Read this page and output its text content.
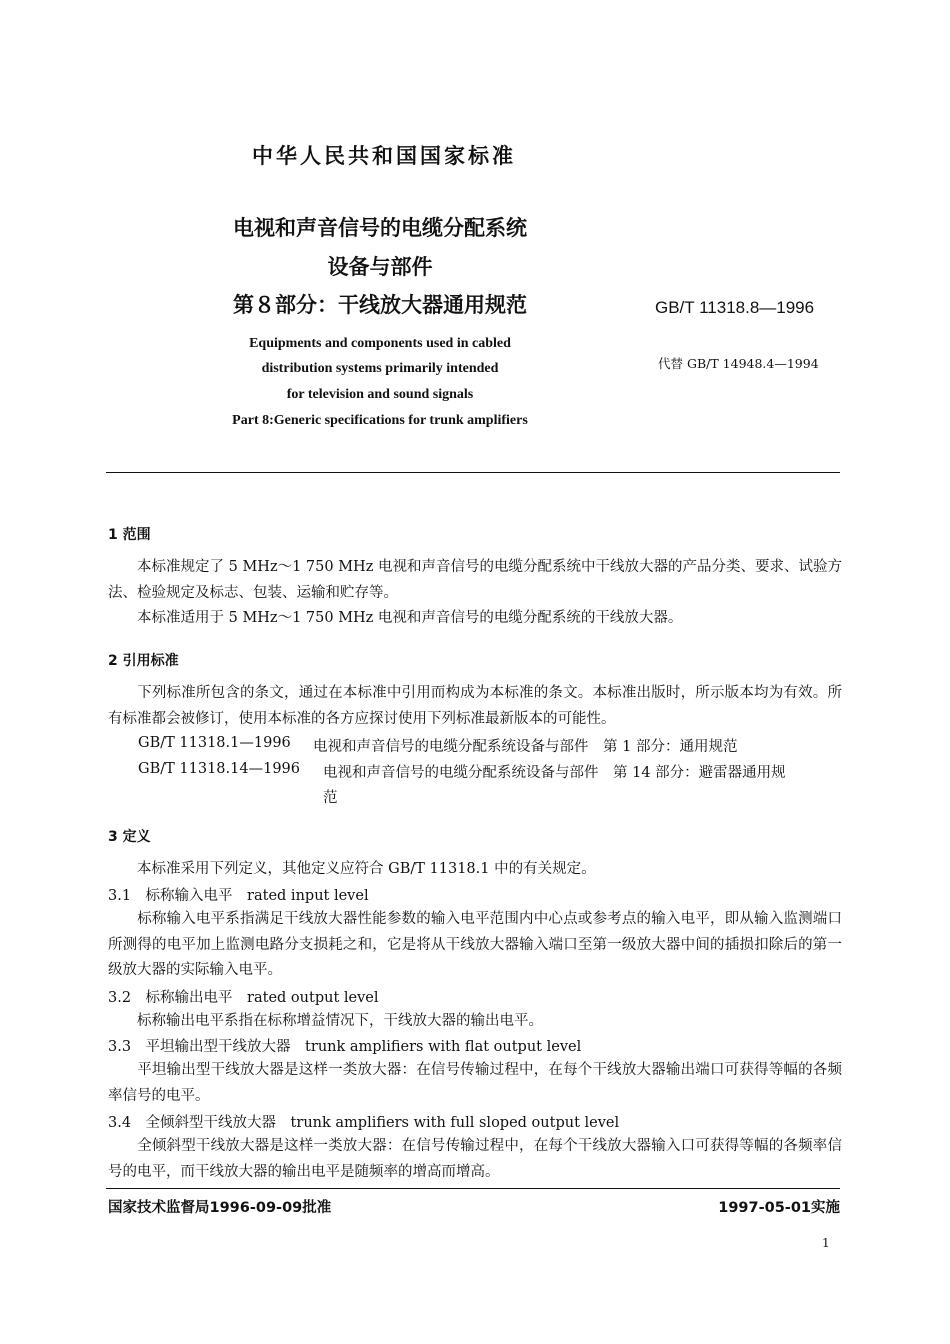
中华人民共和国国家标准
电视和声音信号的电缆分配系统
设备与部件
第８部分：干线放大器通用规范	GB/T 11318.8—1996
代替 GB/T 14948.4—1994
Equipments and components used in cabled
distribution systems primarily intended
for television and sound signals
Part 8:Generic specifications for trunk amplifiers
1 范围
本标准规定了 5 MHz～1 750 MHz 电视和声音信号的电缆分配系统中干线放大器的产品分类、要求、试验方法、检验规定及标志、包装、运输和贮存等。
本标准适用于 5 MHz～1 750 MHz 电视和声音信号的电缆分配系统的干线放大器。
2 引用标准
下列标准所包含的条文，通过在本标准中引用而构成为本标准的条文。本标准出版时，所示版本均为有效。所有标准都会被修订，使用本标准的各方应探讨使用下列标准最新版本的可能性。
GB/T 11318.1—1996 电视和声音信号的电缆分配系统设备与部件　第 1 部分：通用规范
GB/T 11318.14—1996 电视和声音信号的电缆分配系统设备与部件　第 14 部分：避雷器通用规
范
3 定义
本标准采用下列定义，其他定义应符合 GB/T 11318.1 中的有关规定。
3.1　标称输入电平　rated input level
标称输入电平系指满足干线放大器性能参数的输入电平范围内中心点或参考点的输入电平，即从输入监测端口所测得的电平加上监测电路分支损耗之和，它是将从干线放大器输入端口至第一级放大器中间的插损扣除后的第一级放大器的实际输入电平。
3.2　标称输出电平　rated output level
标称输出电平系指在标称增益情况下，干线放大器的输出电平。
3.3　平坦输出型干线放大器　trunk amplifiers with flat output level
平坦输出型干线放大器是这样一类放大器：在信号传输过程中，在每个干线放大器输出端口可获得等幅的各频率信号的电平。
3.4　全倾斜型干线放大器　trunk amplifiers with full sloped output level
全倾斜型干线放大器是这样一类放大器：在信号传输过程中，在每个干线放大器输入口可获得等幅的各频率信号的电平，而干线放大器的输出电平是随频率的增高而增高。
国家技术监督局1996-09-09批准	1997-05-01实施
1
